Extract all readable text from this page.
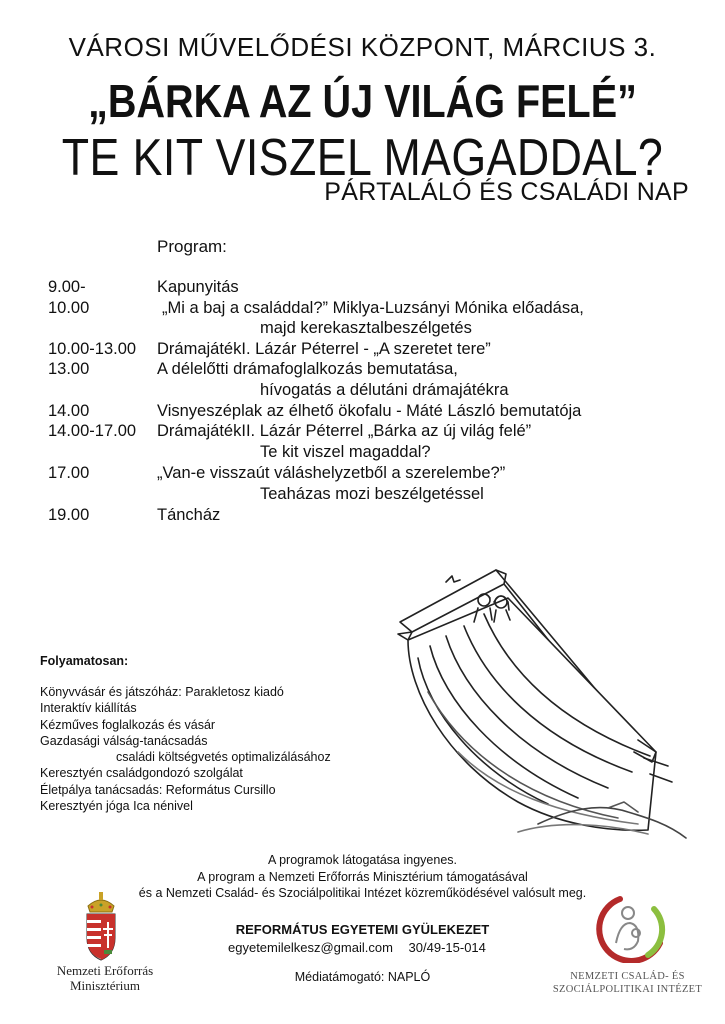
VÁROSI MŰVELŐDÉSI KÖZPONT, MÁRCIUS 3.
„BÁRKA AZ ÚJ VILÁG FELÉ”
TE KIT VISZEL MAGADDAL?
PÁRTALÁLÓ ÉS CSALÁDI NAP
Program:
9.00-	Kapunyitás
10.00	„Mi a baj a családdal?” Miklya-Luzsányi Mónika előadása,
majd kerekasztalbeszélgetés
10.00-13.00 DrámajátékI. Lázár Péterrel - „A szeretet tere”
13.00	A délelőtti drámafoglalkozás bemutatása,
hívogatás a délutáni drámajátékra
14.00	Visnyeszéplak az élhető ökofalu - Máté László bemutatója
14.00-17.00 DrámajátékII. Lázár Péterrel „Bárka az új világ felé”
Te kit viszel magaddal?
17.00	„Van-e visszaút váláshelyzetből a szerelembe?”
Teaházas mozi beszélgetéssel
19.00	Táncház
Folyamatosan:
Könyvvásár és játszóház: Parakletosz kiadó
Interaktív kiállítás
Kézműves foglalkozás és vásár
Gazdasági válság-tanácsadás
családi költségvetés optimalizálásához
Keresztyén családgondozó szolgálat
Életpálya tanácsadás: Református Cursillo
Keresztyén jóga Ica nénivel
A programok látogatása ingyenes.
A program a Nemzeti Erőforrás Minisztérium támogatásával
és a Nemzeti Család- és Szociálpolitikai Intézet közreműködésével valósult meg.
REFORMÁTUS EGYETEMI GYÜLEKEZET
egyetemilelkesz@gmail.com 30/49-15-014
Médiatámogató: NAPLÓ
Nemzeti Erőforrás
Minisztérium
NEMZETI CSALÁD- ÉS
SZOCIÁLPOLITIKAI INTÉZET
